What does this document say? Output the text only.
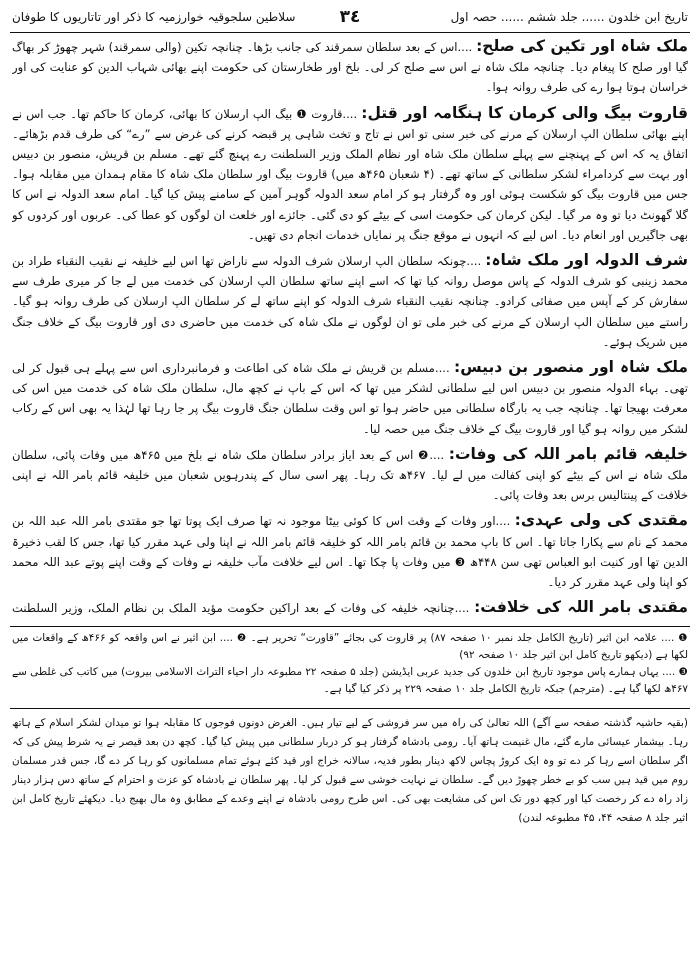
تاریخ ابن خلدون ...... جلد ششم ...... حصہ اول
٣٤
سلاطین سلجوقیہ خوارزمیہ کا ذکر اور تاتاریوں کا طوفان

ملک شاہ اور تکین کی صلح: ....اس کے بعد سلطان سمرقند کی جانب بڑھا۔ چنانچہ تکین (والی سمرقند) شہر چھوڑ کر بھاگ گیا اور صلح کا پیغام دیا۔ چنانچہ ملک شاہ نے اس سے صلح کر لی۔ بلخ اور طخارستان کی حکومت اپنے بھائی شہاب الدین کو عنایت کی اور خراسان ہوتا ہوا رے کی طرف روانہ ہوا۔

قاروت بیگ والی کرمان کا ہنگامہ اور قتل: ....قاروت ❶ بیگ الپ ارسلان کا بھائی، کرمان کا حاکم تھا۔ جب اس نے اپنے بھائی سلطان الپ ارسلان کے مرنے کی خبر سنی تو اس نے تاج و تخت شاہی پر قبضہ کرنے کی غرض سے ”رے“ کی طرف قدم بڑھائے۔ اتفاق یہ کہ اس کے پہنچنے سے پہلے سلطان ملک شاہ اور نظام الملک وزیر السلطنت رے پہنچ گئے تھے۔ مسلم بن قریش، منصور بن دبیس اور بہت سے کردامراء لشکر سلطانی کے ساتھ تھے۔ (۴ شعبان ۴۶۵ھ میں) قاروت بیگ اور سلطان ملک شاہ کا مقام ہمدان میں مقابلہ ہوا۔ جس میں قاروت بیگ کو شکست ہوئی اور وہ گرفتار ہو کر امام سعد الدولہ گوہر آمین کے سامنے پیش کیا گیا۔ امام سعد الدولہ نے اس کا گلا گھونٹ دیا تو وہ مر گیا۔ لیکن کرمان کی حکومت اسی کے بیٹے کو دی گئی۔ جائزے اور خلعت ان لوگوں کو عطا کی۔ عربوں اور کردوں کو بھی جاگیریں اور انعام دیا۔ اس لیے کہ انہوں نے موقع جنگ پر نمایاں خدمات انجام دی تھیں۔

شرف الدولہ اور ملک شاہ: ....چونکہ سلطان الپ ارسلان شرف الدولہ سے ناراض تھا اس لیے خلیفہ نے نقیب النقباء طراد بن محمد زینبی کو شرف الدولہ کے پاس موصل روانہ کیا تھا کہ اسے اپنے ساتھ سلطان الپ ارسلان کی خدمت میں لے جا کر میری طرف سے سفارش کر کے آپس میں صفائی کرادو۔ چنانچہ نقیب النقباء شرف الدولہ کو اپنے ساتھ لے کر سلطان الپ ارسلان کی طرف روانہ ہو گیا۔ راستے میں سلطان الپ ارسلان کے مرنے کی خبر ملی تو ان لوگوں نے ملک شاہ کی خدمت میں حاضری دی اور قاروت بیگ کے خلاف جنگ میں شریک ہوئے۔

ملک شاہ اور منصور بن دبیس: ....مسلم بن قریش نے ملک شاہ کی اطاعت و فرمانبرداری اس سے پہلے ہی قبول کر لی تھی۔ بہاء الدولہ منصور بن دبیس اس لیے سلطانی لشکر میں تھا کہ اس کے باپ نے کچھ مال، سلطان ملک شاہ کی خدمت میں اس کی معرفت بھیجا تھا۔ چنانچہ جب یہ بارگاہ سلطانی میں حاضر ہوا تو اس وقت سلطان جنگ قاروت بیگ پر جا رہا تھا لہٰذا یہ بھی اس کے رکاب لشکر میں روانہ ہو گیا اور قاروت بیگ کے خلاف جنگ میں حصہ لیا۔

خلیفہ قائم بامر اللہ کی وفات: ....❷ اس کے بعد ایاز برادر سلطان ملک شاہ نے بلخ میں ۴۶۵ھ میں وفات پائی، سلطان ملک شاہ نے اس کے بیٹے کو اپنی کفالت میں لے لیا۔ ۴۶۷ھ تک رہا۔ پھر اسی سال کے پندرہویں شعبان میں خلیفہ قائم بامر اللہ نے اپنی خلافت کے پینتالیس برس بعد وفات پائی۔

مقتدی کی ولی عہدی: ....اور وفات کے وقت اس کا کوئی بیٹا موجود نہ تھا صرف ایک پوتا تھا جو مقتدی بامر اللہ عبد اللہ بن محمد کے نام سے پکارا جاتا تھا۔ اس کا باپ محمد بن قائم بامر اللہ کو خلیفہ قائم بامر اللہ نے اپنا ولی عہد مقرر کیا تھا، جس کا لقب ذخیرۃ الدین تھا اور کنیت ابو العباس تھی سن ۴۴۸ھ ❸ میں وفات پا چکا تھا۔ اس لیے خلافت مآب خلیفہ نے وفات کے وقت اپنے پوتے عبد اللہ محمد کو اپنا ولی عہد مقرر کر دیا۔

مقتدی بامر اللہ کی خلافت: ....چنانچہ خلیفہ کی وفات کے بعد اراکین حکومت مؤید الملک بن نظام الملک، وزیر السلطنت

❶ .... علامہ ابن اثیر (تاریخ الکامل جلد نمبر ۱۰ صفحہ ۸۷) پر قاروت کی بجائے ”قاورت“ تحریر ہے۔ ❷ .... ابن اثیر نے اس واقعہ کو ۴۶۶ھ کے واقعات میں لکھا ہے (دیکھو تاریخ کامل ابن اثیر جلد ۱۰ صفحہ ۹۲)

❸ .... یہاں ہمارے پاس موجود تاریخ ابن خلدون کی جدید عربی ایڈیشن (جلد ۵ صفحہ ۲۲ مطبوعہ دار احیاء التراث الاسلامی بیروت) میں کاتب کی غلطی سے ۴۶۷ھ لکھا گیا ہے۔ (مترجم) جبکہ تاریخ الکامل جلد ۱۰ صفحہ ۲۲۹ پر ذکر کیا گیا ہے۔

(بقیہ حاشیہ گذشتہ صفحہ سے آگے) اللہ تعالیٰ کی راہ میں سر فروشی کے لیے تیار ہیں۔ الغرض دونوں فوجوں کا مقابلہ ہوا تو میدان لشکر اسلام کے ہاتھ رہا۔ بیشمار عیسائی مارے گئے، مال غنیمت ہاتھ آیا۔ رومی بادشاہ گرفتار ہو کر دربار سلطانی میں پیش کیا گیا۔ کچھ دن بعد قیصر نے یہ شرط پیش کی کہ اگر سلطان اسے رہا کر دے تو وہ ایک کروڑ پچاس لاکھ دینار بطور فدیہ، سالانہ خراج اور قید کئے ہوئے تمام مسلمانوں کو رہا کر دے گا، جس قدر مسلمان روم میں قید ہیں سب کو بے خطر چھوڑ دیں گے۔ سلطان نے نہایت خوشی سے قبول کر لیا۔ پھر سلطان نے بادشاہ کو عزت و احترام کے ساتھ دس ہزار دینار زاد راہ دے کر رخصت کیا اور کچھ دور تک اس کی مشایعت بھی کی۔ اس طرح رومی بادشاہ نے اپنے وعدے کے مطابق وہ مال بھیج دیا۔ دیکھئے تاریخ کامل ابن اثیر جلد ۸ صفحہ ۴۴، ۴۵ مطبوعہ لندن)
